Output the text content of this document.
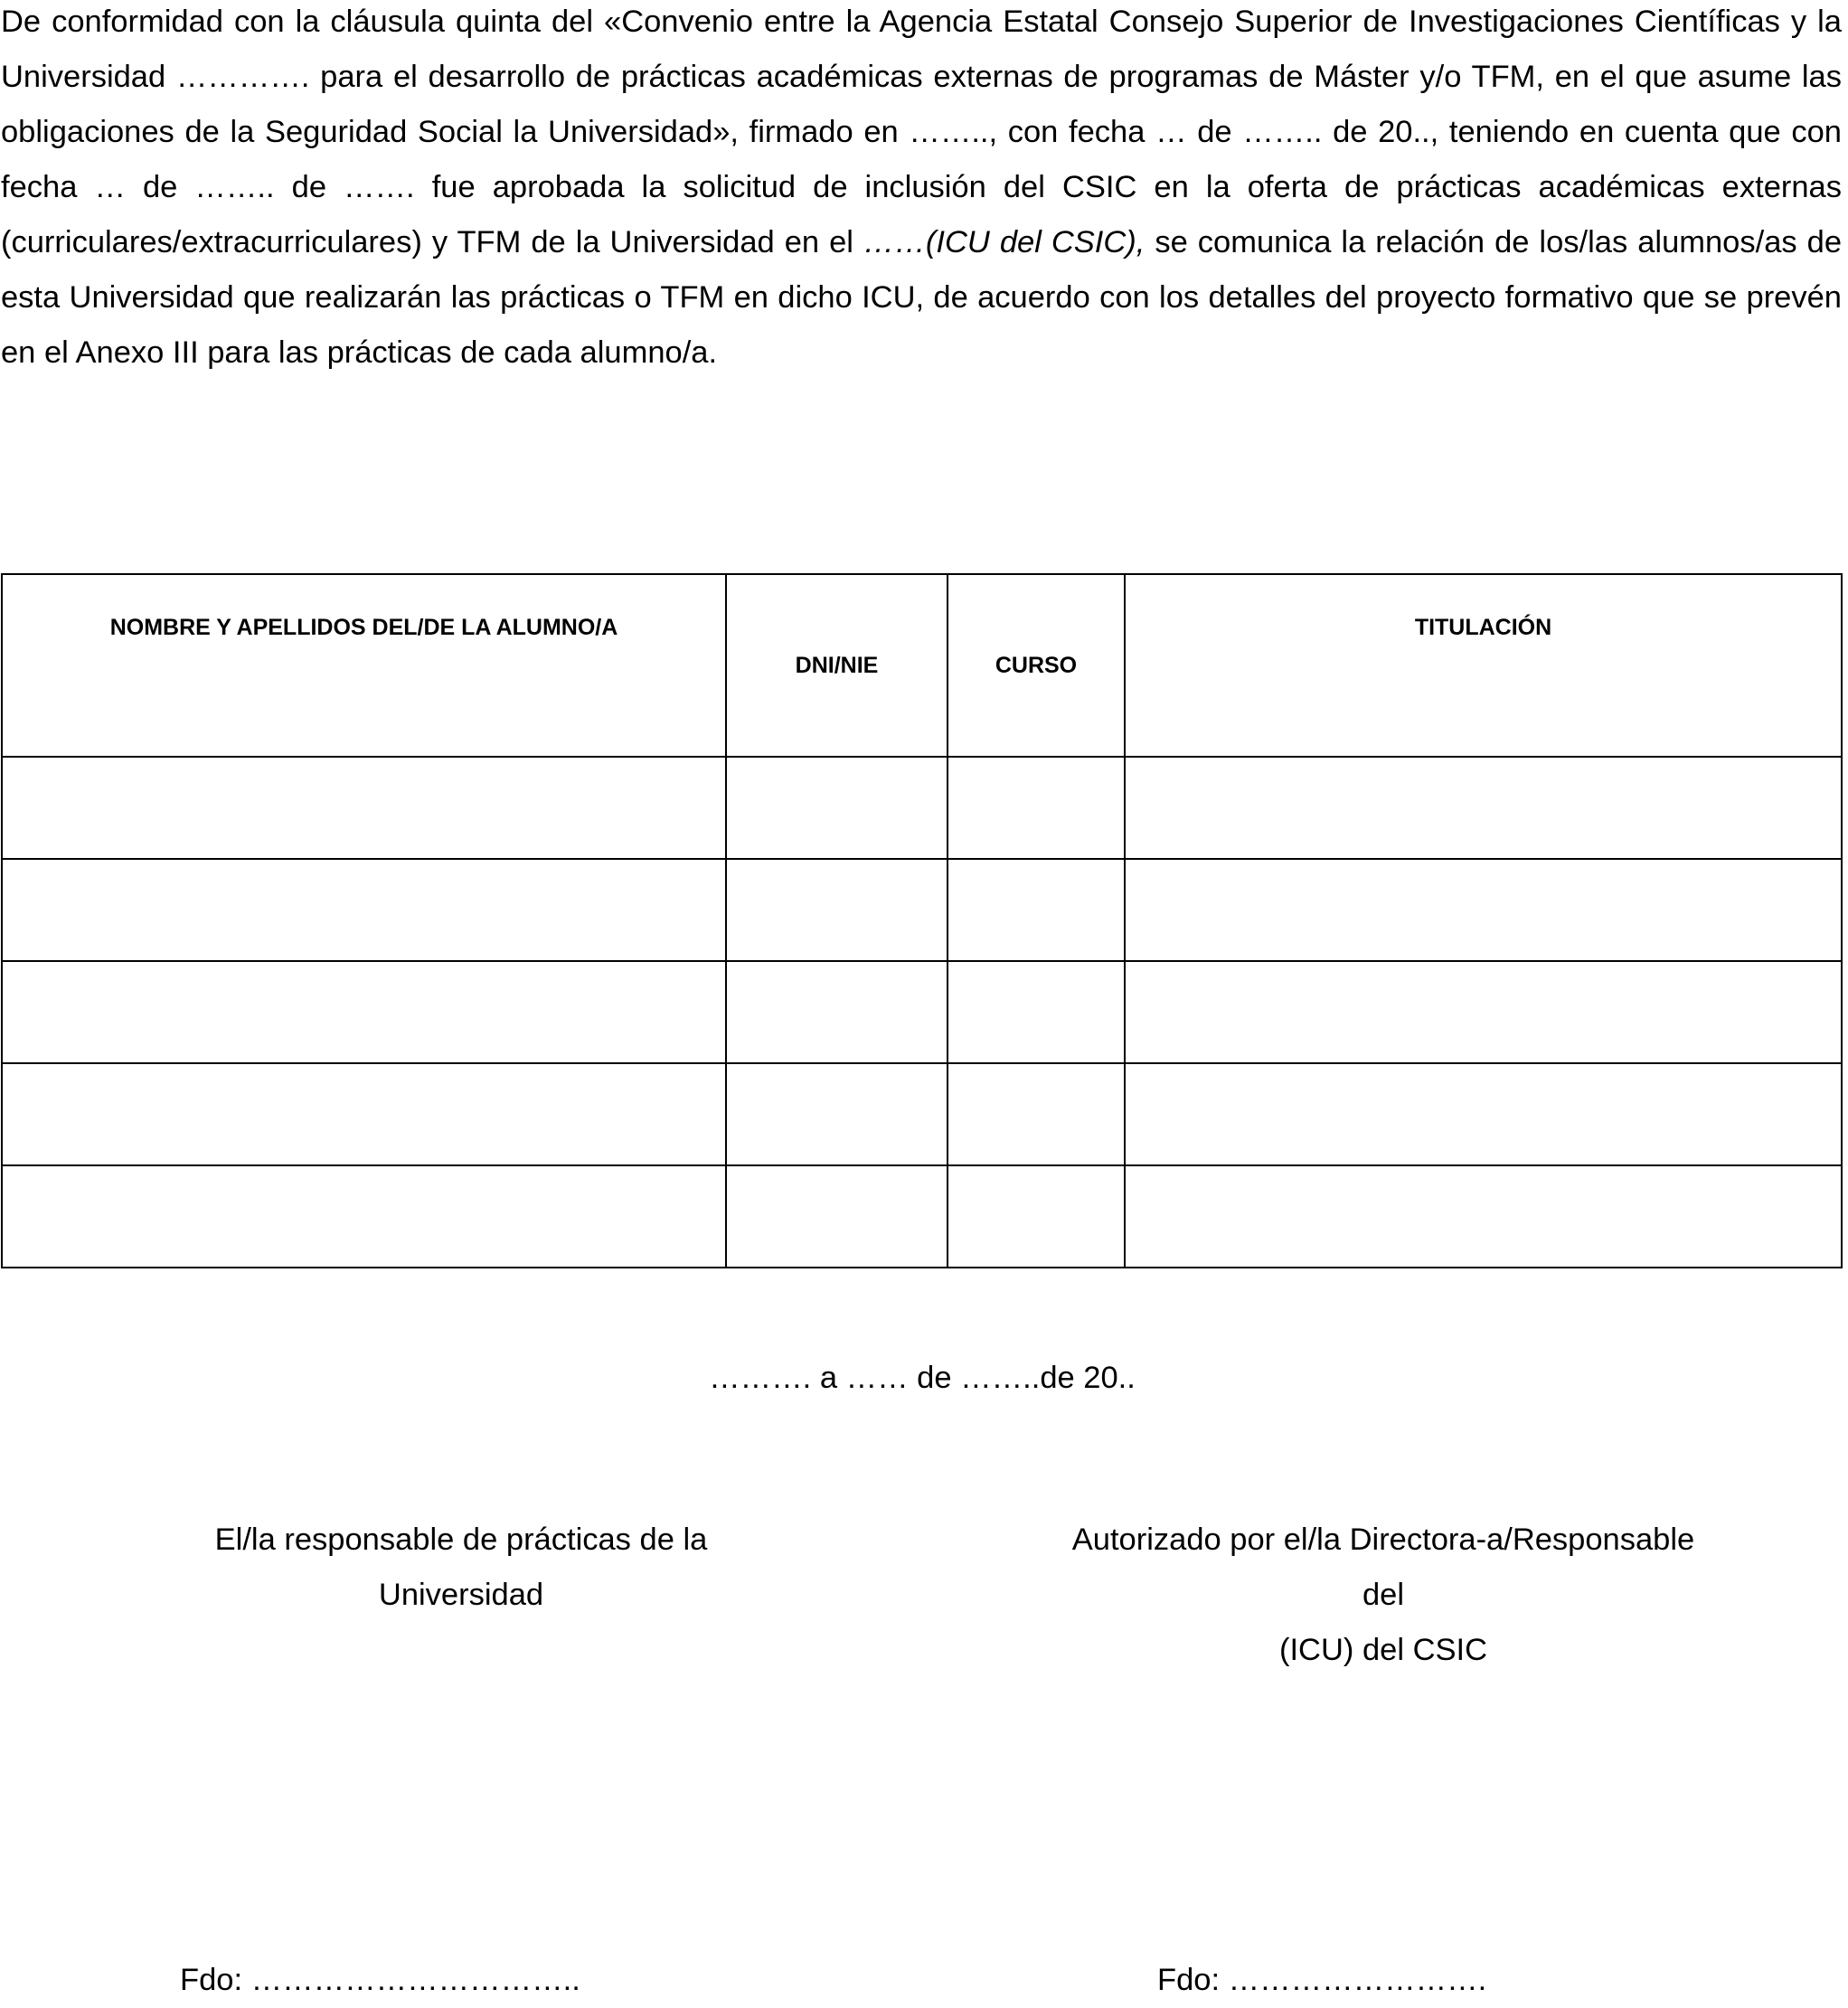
De conformidad con la cláusula quinta del «Convenio entre la Agencia Estatal Consejo Superior de Investigaciones Científicas y la Universidad …………. para el desarrollo de prácticas académicas externas de programas de Máster y/o TFM, en el que asume las obligaciones de la Seguridad Social la Universidad», firmado en …….., con fecha … de …….. de 20.., teniendo en cuenta que con fecha … de …….. de ……. fue aprobada la solicitud de inclusión del CSIC en la oferta de prácticas académicas externas (curriculares/extracurriculares) y TFM de la Universidad en el ……(ICU del CSIC), se comunica la relación de los/las alumnos/as de esta Universidad que realizarán las prácticas o TFM en dicho ICU, de acuerdo con los detalles del proyecto formativo que se prevén en el Anexo III para las prácticas de cada alumno/a.

NOMBRE Y APELLIDOS DEL/DE LA ALUMNO/A	DNI/NIE	CURSO	TITULACIÓN

………. a …… de ……..de 20..
El/la responsable de prácticas de la
Universidad
Autorizado por el/la Directora-a/Responsable
del
(ICU) del CSIC
Fdo: …………………………..	Fdo: …………………….
